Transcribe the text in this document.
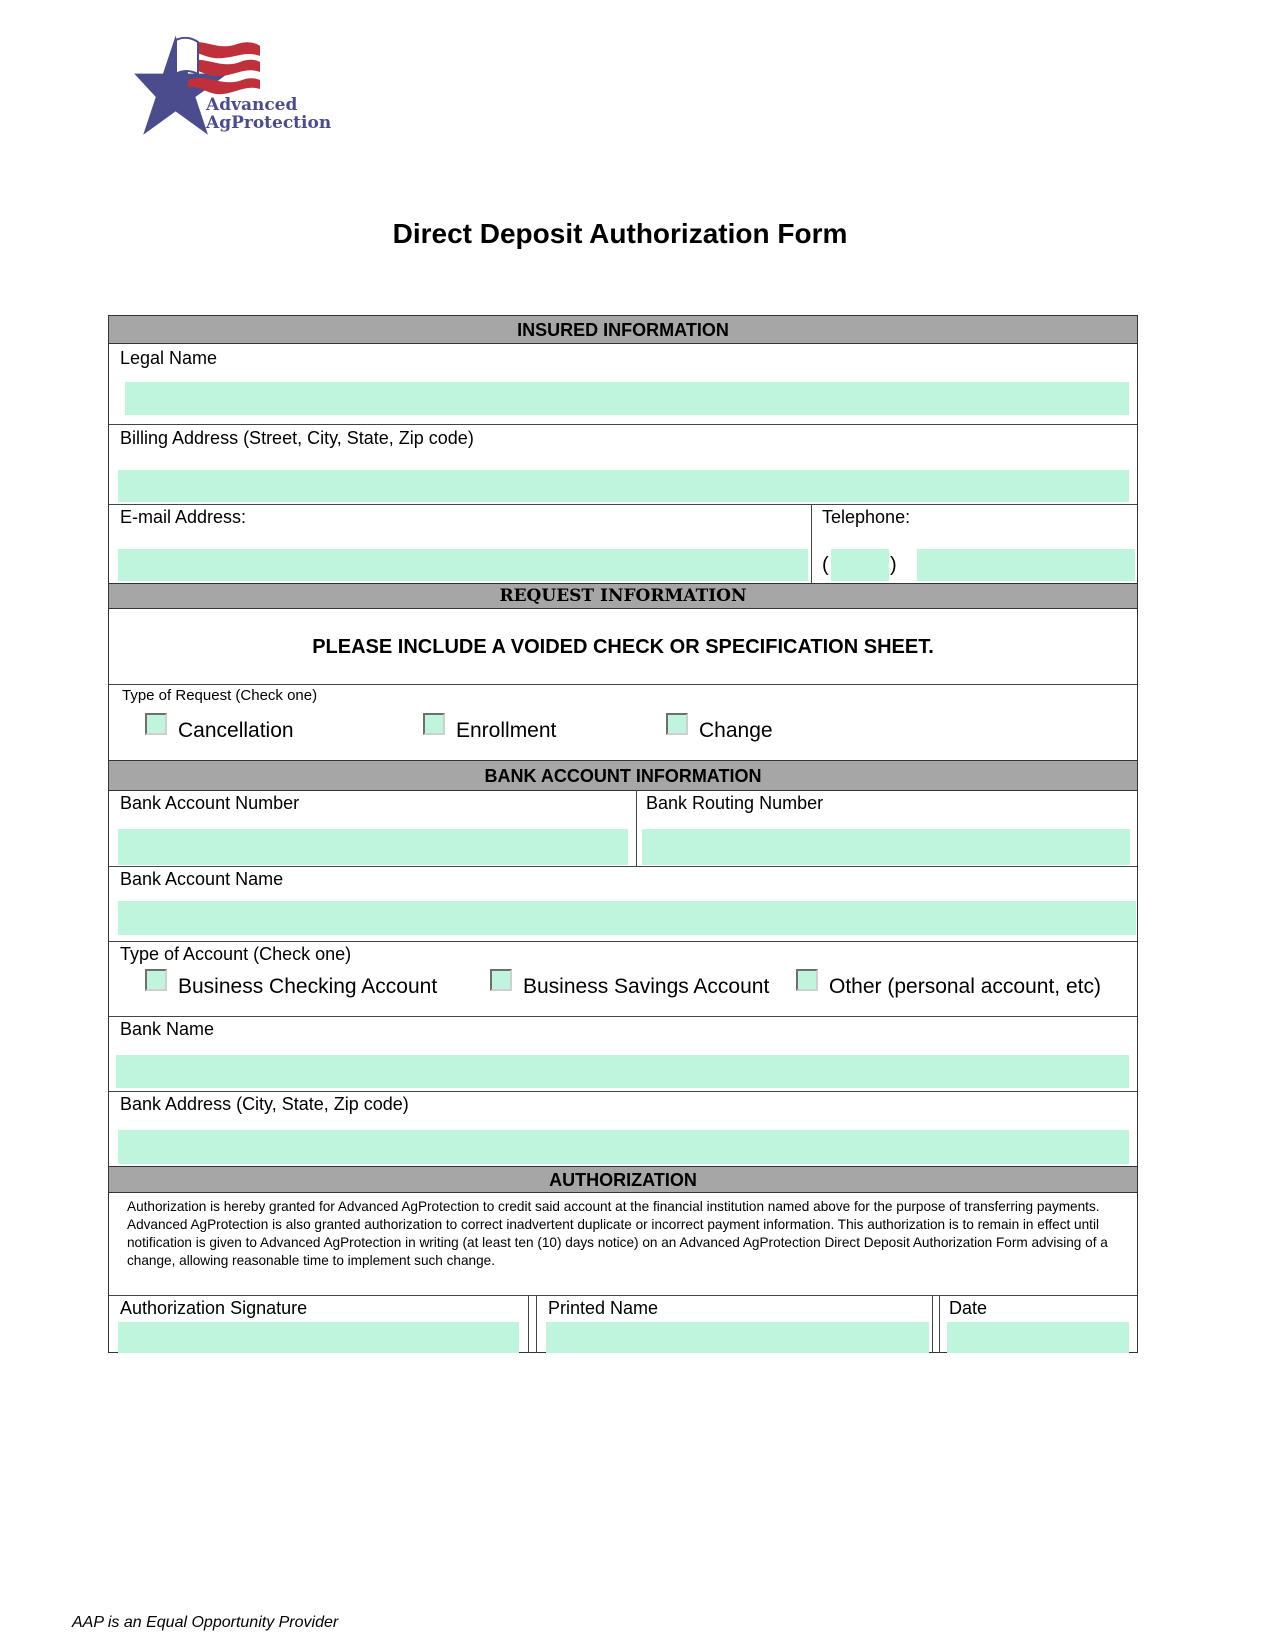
Advanced
AgProtection
Direct Deposit Authorization Form
INSURED INFORMATION
Legal Name
Billing Address (Street, City, State, Zip code)
E-mail Address:	Telephone:
(	)
REQUEST INFORMATION
PLEASE INCLUDE A VOIDED CHECK OR SPECIFICATION SHEET.
Type of Request (Check one)
Cancellation	Enrollment	Change
BANK ACCOUNT INFORMATION
Bank Account Number	Bank Routing Number
Bank Account Name
Type of Account (Check one)
Business Checking Account	Business Savings Account	Other (personal account, etc)
Bank Name
Bank Address (City, State, Zip code)
AUTHORIZATION
Authorization is hereby granted for Advanced AgProtection to credit said account at the financial institution named above for the purpose of transferring payments. Advanced AgProtection is also granted authorization to correct inadvertent duplicate or incorrect payment information. This authorization is to remain in effect until notification is given to Advanced AgProtection in writing (at least ten (10) days notice) on an Advanced AgProtection Direct Deposit Authorization Form advising of a change, allowing reasonable time to implement such change.
Authorization Signature	Printed Name	Date
AAP is an Equal Opportunity Provider
